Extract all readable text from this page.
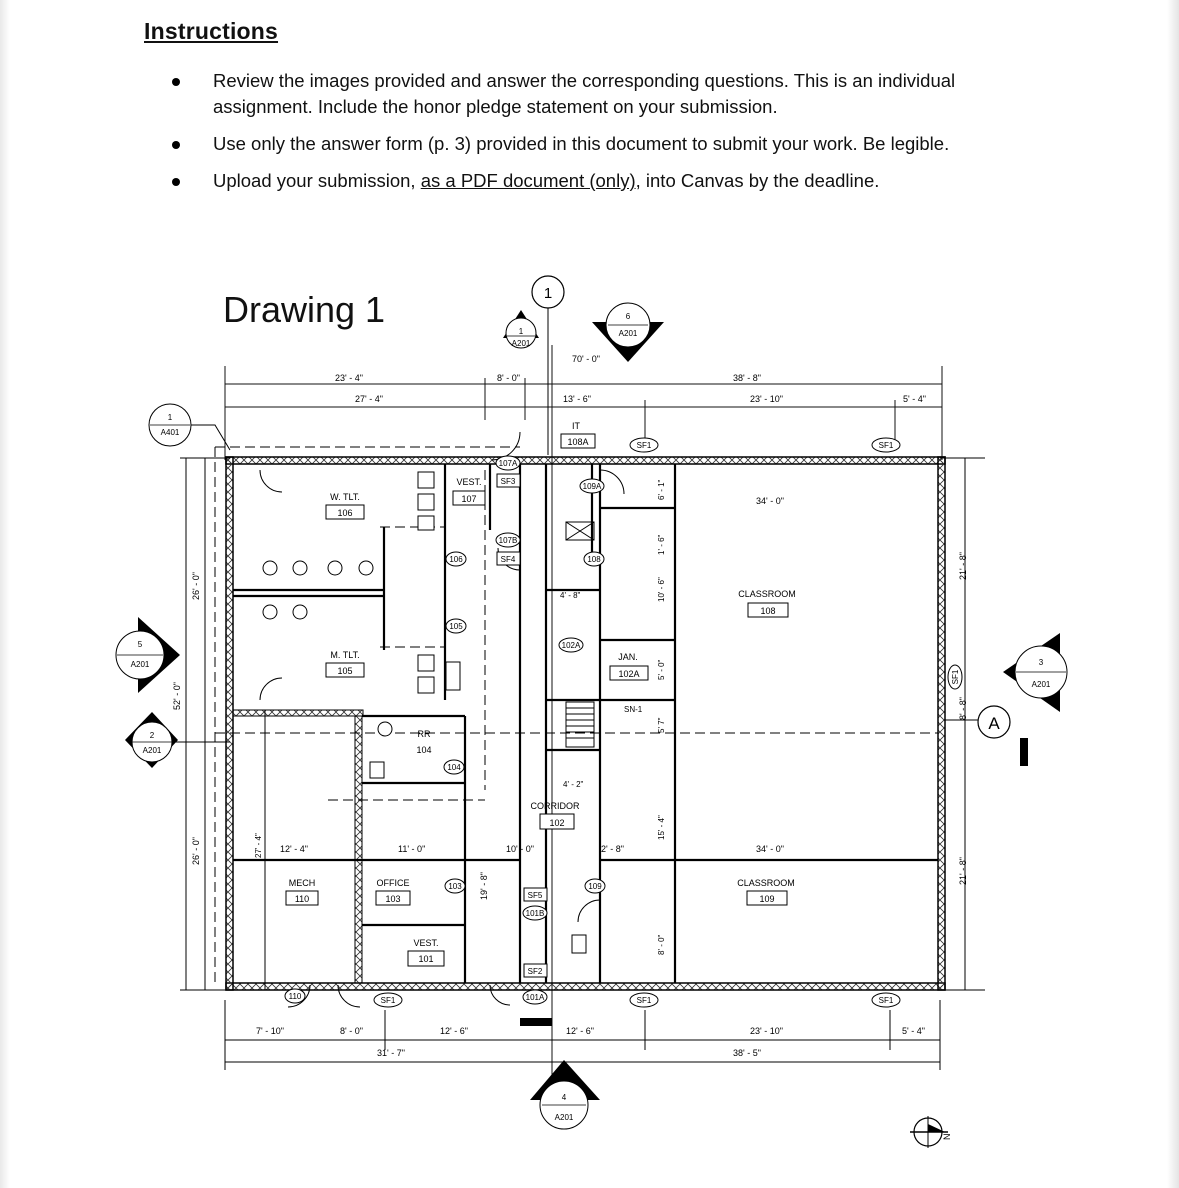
Instructions

Review the images provided and answer the corresponding questions. This is an individual assignment. Include the honor pledge statement on your submission.
Use only the answer form (p. 3) provided in this document to submit your work. Be legible.
Upload your submission, as a PDF document (only), into Canvas by the deadline.
Drawing 1
23' - 4"
27' - 4"
8' - 0"
70' - 0"
13' - 6"
38' - 8"
23' - 10"	5' - 4"
1
A
1
A201
6
A201
1
A401
5
A201
2
A201
3
A201
4
A201
26' - 0"
52' - 0"
26' - 0"	27' - 4"
21' - 8"
8' - 8"
21' - 8"
7' - 10"	8' - 0"
31' - 7"
12' - 6"	12' - 6"	23' - 10"
38' - 5"
5' - 4"
34' - 0"
34' - 0"
12' - 4"	11' - 0"	10' - 0"	2' - 8"
4' - 8"
4' - 2"
19' - 8"
6' - 1"
1' - 6"
10' - 6"
5' - 0"
5' 7"
15' - 4"
8' - 0"
W. TLT.
106
M. TLT.
105
VEST.
107
IT
108A
CLASSROOM
108
JAN.
102A
RR
104
CORRIDOR
102
MECH
110
OFFICE
103
VEST.
101
CLASSROOM
109
107A
109A
107B
106	108
105
102A
104
103	109
101B
101A
110
SF1	SF1
SF3
SF4
SF5
SF2
SF1	SF1	SF1
SF1
SN-1
N
